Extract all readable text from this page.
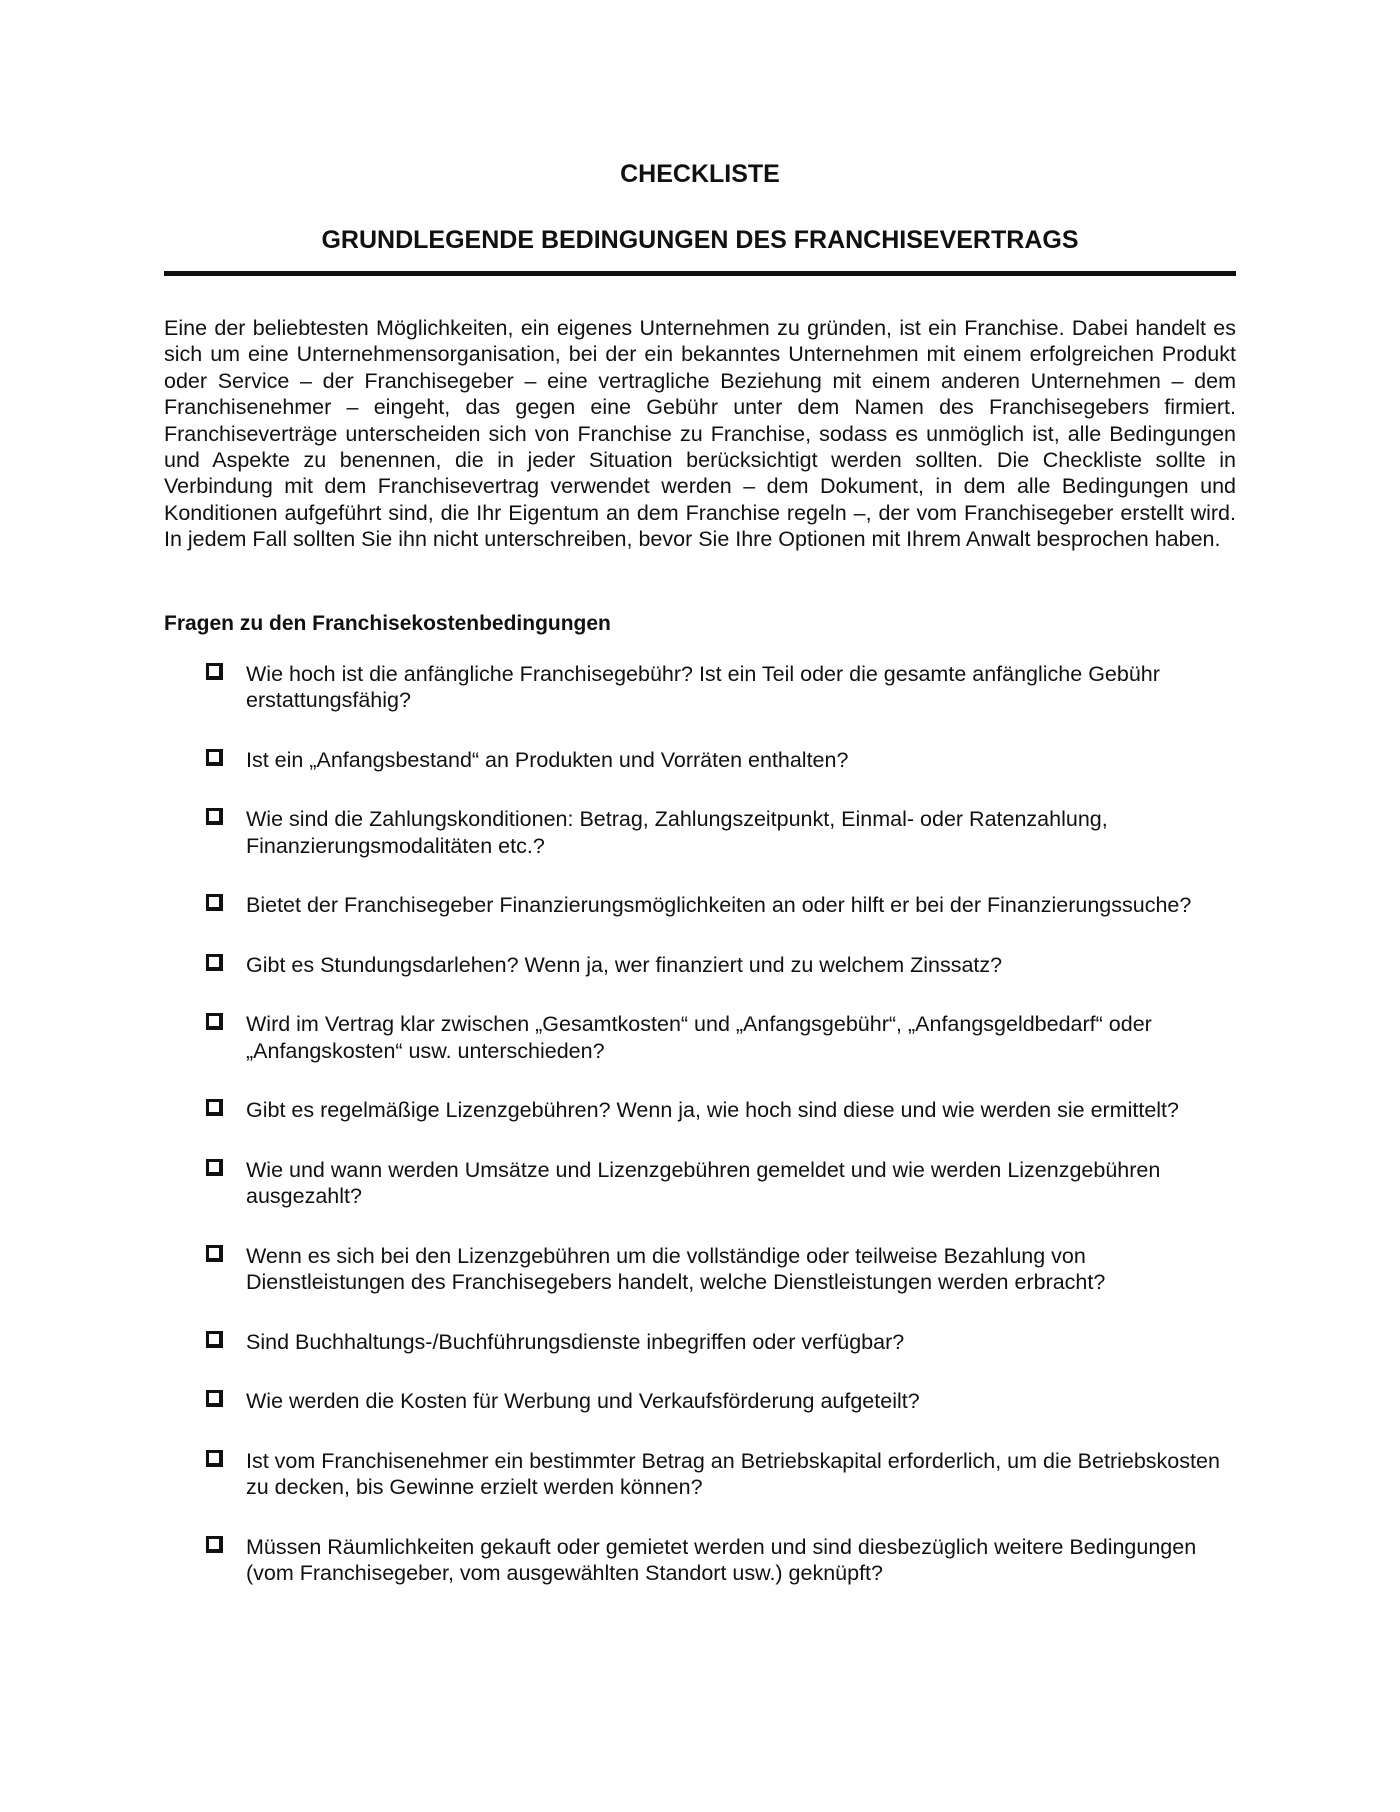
CHECKLISTE
GRUNDLEGENDE BEDINGUNGEN DES FRANCHISEVERTRAGS

Eine der beliebtesten Möglichkeiten, ein eigenes Unternehmen zu gründen, ist ein Franchise. Dabei handelt es sich um eine Unternehmensorganisation, bei der ein bekanntes Unternehmen mit einem erfolgreichen Produkt oder Service – der Franchisegeber – eine vertragliche Beziehung mit einem anderen Unternehmen – dem Franchisenehmer – eingeht, das gegen eine Gebühr unter dem Namen des Franchisegebers firmiert. Franchiseverträge unterscheiden sich von Franchise zu Franchise, sodass es unmöglich ist, alle Bedingungen und Aspekte zu benennen, die in jeder Situation berücksichtigt werden sollten. Die Checkliste sollte in Verbindung mit dem Franchisevertrag verwendet werden – dem Dokument, in dem alle Bedingungen und Konditionen aufgeführt sind, die Ihr Eigentum an dem Franchise regeln –, der vom Franchisegeber erstellt wird. In jedem Fall sollten Sie ihn nicht unterschreiben, bevor Sie Ihre Optionen mit Ihrem Anwalt besprochen haben.

Fragen zu den Franchisekostenbedingungen
Wie hoch ist die anfängliche Franchisegebühr? Ist ein Teil oder die gesamte anfängliche Gebühr erstattungsfähig?
Ist ein „Anfangsbestand“ an Produkten und Vorräten enthalten?
Wie sind die Zahlungskonditionen: Betrag, Zahlungszeitpunkt, Einmal- oder Ratenzahlung, Finanzierungsmodalitäten etc.?
Bietet der Franchisegeber Finanzierungsmöglichkeiten an oder hilft er bei der Finanzierungssuche?
Gibt es Stundungsdarlehen? Wenn ja, wer finanziert und zu welchem Zinssatz?
Wird im Vertrag klar zwischen „Gesamtkosten“ und „Anfangsgebühr“, „Anfangsgeldbedarf“ oder „Anfangskosten“ usw. unterschieden?
Gibt es regelmäßige Lizenzgebühren? Wenn ja, wie hoch sind diese und wie werden sie ermittelt?
Wie und wann werden Umsätze und Lizenzgebühren gemeldet und wie werden Lizenzgebühren ausgezahlt?
Wenn es sich bei den Lizenzgebühren um die vollständige oder teilweise Bezahlung von Dienstleistungen des Franchisegebers handelt, welche Dienstleistungen werden erbracht?
Sind Buchhaltungs-/Buchführungsdienste inbegriffen oder verfügbar?
Wie werden die Kosten für Werbung und Verkaufsförderung aufgeteilt?
Ist vom Franchisenehmer ein bestimmter Betrag an Betriebskapital erforderlich, um die Betriebskosten zu decken, bis Gewinne erzielt werden können?
Müssen Räumlichkeiten gekauft oder gemietet werden und sind diesbezüglich weitere Bedingungen (vom Franchisegeber, vom ausgewählten Standort usw.) geknüpft?
